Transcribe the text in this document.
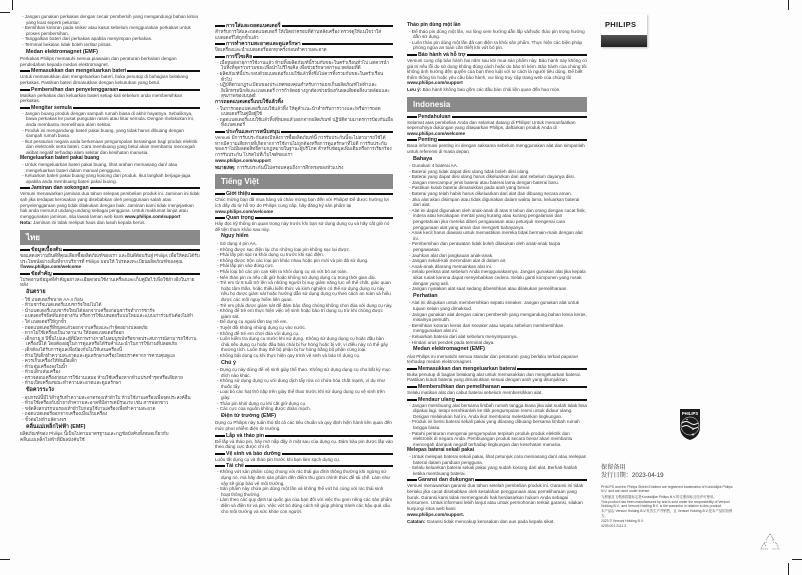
- Jangan gunakan perkakas dengan cecair pembersih yang mengandungi bahan kimia yang kuat seperti peluntur.

- Bersihkan kotoran pada sniker atau kasut sebelum menggunakan perkakas untuk proses pembersihan.

- Tanggalkan bateri dari perkakas apabila menyimpan perkakas.

- Terminal bekalan tidak boleh terlitar pintas.

Medan elektromagnet (EMF)

Perkakas Philips mematuhi semua piawaian dan peraturan berkaitan dengan pendedahan kepada medan elektromagnet.

Memasukkan dan mengeluarkan bateri

Untuk memasukkan dan mengeluarkan bateri, buka penutup di bahagian belakang perkakas. Pastikan bateri dimasukkan dengan kekutuban yang betul.

Pembersihan dan penyelenggaraan

Matikan perkakas dan keluarkan bateri setiap kali sebelum anda membersihkan perkakas.

Mengitar semula

- Jangan buang produk dengan sampah rumah biasa di akhir hayatnya. Sebaliknya, bawa perkakas ke pusat pungutan rasmi atau kitar semula. Dengan melakukan ini, anda membantu memelihara alam sekitar.

- Produk ini mengandungi bateri pakai buang, yang tidak harus dibuang dengan sampah rumah biasa.

- Ikut peraturan negara anda berkenaan pengumpulan berasingan bagi produk elektrik dan elektronik serta bateri. Cara membuang yang betul akan membantu mencegah akibat negatif terhadap alam sekitar dan kesihatan manusia.

Mengeluarkan bateri pakai buang

- Untuk mengeluarkan bateri pakai buang, lihat arahan memasang dan/ atau mengeluarkan bateri dalam manual pengguna.

- Keluarkan bateri pakai buang yang kosong dari produk. Ikut langkah berjaga-jaga apabila anda membuang bateri pakai buang.

Jaminan dan sokongan

Versuni menawarkan jaminan dua tahun selepas pembelian produk ini. Jaminan ini tidak sah jika terdapat kerosakan yang disebabkan oleh penggunaan salah atau penyelenggaraan yang tidak dilakukan dengan baik. Jaminan kami tidak menjejaskan hak anda menurut undang-undang sebagai pengguna. Untuk maklumat lanjut atau menggunakan jaminan, sila lawati laman web kami www.philips.com/support

Nota: Jaminan ini tidak meliputi haus dan lusuh kepala berus.

ไทย
ข้อมูลเบื้องต้น

ขอแสดงความยินดีที่คุณเลือกซื้อผลิตภัณฑ์ของเรา และยินดีต้อนรับสู่ Philips เพื่อให้คุณได้รับประโยชน์อย่างเต็มที่จากบริการที่ Philips มอบให้ โปรดลงทะเบียนผลิตภัณฑ์ของคุณที่www.philips.com/welcome

ข้อสำคัญ

โปรดอ่านข้อมูลที่สำคัญอย่างละเอียดก่อนใช้งานเครื่องและเก็บคู่มือไว้เพื่อใช้อ้างอิงในภายหลัง

อันตราย

- ใช้ แบตเตอรี่ขนาด AA 4 ก้อน

- ห้ามชาร์จแบตเตอรี่แบบชาร์จใหม่ไม่ได้

- นำแบตเตอรี่แบบชาร์จใหม่ได้ออกจากเครื่องก่อนชาร์จทำการชาร์จ

- แบตเตอรี่ชนิดที่แตกต่างกัน หรือการใช้แบตเตอรี่แบบใหม่และแบบเก่าร่วมกันต้องไม่ทำ

- ใส่ แบตเตอรี่ให้ถูกขั้ว

- ถอดแบตเตอรี่ที่หมดแล้วออกจากเครื่องและกำจัดอย่างปลอดภัย

- หากไม่ใช้เครื่องเป็นเวลานาน ให้ถอดแบตเตอรี่ออก

- เด็กอายุ 8 ปีขึ้นไปและผู้ที่มีสภาพร่างกายไม่สมบูรณ์หรือขาดประสบการณ์สามารถใช้งานเครื่องนี้ได้ โดยต้องอยู่ในการดูแลหรือได้รับคำแนะนำในการใช้งานที่ปลอดภัย

- เด็กต้องได้รับการดูแลเพื่อป้องกันไม่ให้เล่นเครื่องนี้

- ห้ามให้เด็กทำความสะอาดและดูแลรักษาเครื่องโดยปราศจากการควบคุมดูแล

- ควรเก็บเครื่องให้พ้นมือเด็ก

- ห้ามจุ่มเครื่องลงในน้ำ

- ห้ามเด็กเล่นเครื่อง

- ตรวจสอบเครื่องก่อนการใช้งานเสมอ ห้ามใช้เครื่องหากหัวแปรงชำรุดหรือเสียหาย

- ห้ามเปิดเครื่องขณะทำความสะอาดและดูแลรักษา

ข้อควรระวัง

- อุปกรณ์นี้มีไว้สำหรับทำความสะอาดรองเท้าผ้าใบ ห้ามใช้งานเครื่องเพื่อจุดประสงค์อื่น

- ห้ามใช้เครื่องกับน้ำยาทำความสะอาดที่มีสารเคมีรุนแรง เช่น สารฟอกขาว

- ขจัดสิ่งสกปรกบนรองเท้าผ้าใบก่อนใช้งานเครื่องเพื่อทำความสะอาด

- ถอดแบตเตอรี่ออกจากเครื่องเมื่อเก็บเครื่อง

- ขั้วต่อไฟห้ามลัดวงจร

คลื่นแม่เหล็กไฟฟ้า (EMF)

ผลิตภัณฑ์ของ Philips นี้เป็นไปตามมาตรฐานและกฎข้อบังคับทั้งหมดเกี่ยวกับคลื่นแม่เหล็กไฟฟ้าที่มีผลบังคับใช้

การใส่และถอดแบตเตอรี่

สำหรับการใส่และถอดแบตเตอรี่ ให้เปิดฝาครอบที่ด้านหลังเครื่อง ตรวจดูให้แน่ใจว่าใส่แบตเตอรี่ได้ถูกขั้วแล้ว

การทำความสะอาดและดูแลรักษา

ปิดเครื่องและนำแบตเตอรี่ออกทุกครั้งก่อนทำความสะอาด

การรีไซเคิล

- เมื่อหมดอายุการใช้งานแล้ว ห้ามทิ้งผลิตภัณฑ์นี้รวมกับขยะในครัวเรือนทั่วไป แต่ควรนำไปทิ้งที่จุดรวบรวมขยะเพื่อนำไปรีไซเคิล เพื่อช่วยรักษาสภาพแวดล้อมที่ดี

- ผลิตภัณฑ์นี้ประกอบด้วยแบตเตอรี่แบบใช้แล้วทิ้งซึ่งไม่ควรทิ้งรวมกับขยะในครัวเรือนทั่วไป

- ปฏิบัติตามกฎระเบียบของประเทศของคุณสำหรับการแยกเก็บผลิตภัณฑ์ไฟฟ้าและอิเล็กทรอนิกส์และแบตเตอรี่ การกำจัดอย่างถูกต้องช่วยป้องกันผลเสียต่อสิ่งแวดล้อมและสุขภาพของมนุษย์

การถอดแบตเตอรี่แบบใช้แล้วทิ้ง

- ในการถอดแบตเตอรี่แบบใช้แล้วทิ้ง ให้ดูคำแนะนำสำหรับการวางและ/หรือการถอดแบตเตอรี่ในคู่มือผู้ใช้

- ถอดแบตเตอรี่แบบใช้แล้วทิ้งที่หมดแล้วออกจากผลิตภัณฑ์ ปฏิบัติตามมาตรการป้องกันเมื่อทิ้งแบตเตอรี่

ประกันและการสนับสนุน

Versuni มีการรับประกันสองปีหลังการซื้อผลิตภัณฑ์นี้ การรับประกันนี้จะไม่สามารถใช้ได้หากมีความเสียหายที่เกิดจากการใช้งานไม่ถูกต้องหรือการดูแลรักษาที่ไม่ดี การรับประกันของเราไม่มีผลต่อสิทธิ์ตามกฎหมายในฐานะผู้บริโภค สำหรับข้อมูลเพิ่มเติมหรือการเรียกร้องการรับประกัน โปรดไปที่เว็บไซต์ของเรา

www.philips.com/support

หมายเหตุ: การรับประกันนี้ไม่ครอบคลุมถึงการสึกหรอของหัวแปรง

Tiếng Việt
Giới thiệu

Chúc mừng bạn đã mua hàng và chào mừng bạn đến với Philips! Để được hưởng lợi ích đầy đủ từ hỗ trợ do Philips cung cấp, hãy đăng ký sản phẩm tại www.philips.com/welcome

Quan trọng

Hãy đọc kỹ thông tin quan trọng này trước khi bạn sử dụng dụng cụ và hãy cất giữ nó để tiện tham khảo sau này.

Nguy hiểm

- Sử dụng 4 pin AA.

- Không được sạc điện lại cho những loại pin không sạc lại được.

- Phải lấy pin sạc ra khỏi dụng cụ trước khi sạc điện.

- Không được trộn các loại pin khác nhau hoặc pin mới và pin đã sử dụng.

- Phải lắp pin vào đúng cực.

- Phải loại bỏ các pin cạn kiệt ra khỏi dụng cụ và vứt bỏ an toàn.

- Nên tháo pin ra nếu cất giữ hoặc không sử dụng dụng cụ trong thời gian dài.

- Trẻ em từ 8 tuổi trở lên và những người bị suy giảm năng lực về thể chất, giác quan hoặc tâm thần, hoặc thiếu kiến thức và kinh nghiệm có thể sử dụng dụng cụ này nếu họ được giám sát hoặc hướng dẫn sử dụng dụng cụ theo cách an toàn và hiểu được các mối nguy hiểm liên quan.

- Trẻ em phải được giám sát để đảm bảo rằng chúng không chơi đùa với dụng cụ này.

- Không để trẻ em thực hiện việc vệ sinh hoặc bảo trì dụng cụ trừ khi chúng được giám sát.

- Để dụng cụ ngoài tầm tay trẻ em.

- Tuyệt đối không nhúng dụng cụ vào nước.

- Không để trẻ em chơi đùa với dụng cụ.

- Luôn kiểm tra dụng cụ trước khi sử dụng. Không sử dụng dụng cụ hoặc đầu bàn chải nếu dụng cụ hoặc đầu bàn chải bị hư hỏng hoặc bị vỡ, vì điều này có thể gây thương tích. Luôn thay thế bộ phận bị hư hỏng bằng bộ phận cùng loại.

- Không bật dụng cụ khi thực hiện quy trình vệ sinh và bảo trì dụng cụ.

Chú ý

- Dụng cụ này dùng để vệ sinh giày thể thao. Không sử dụng dụng cụ cho bất kỳ mục đích nào khác.

- Không sử dụng dụng cụ với dung dịch tẩy rửa có chứa hóa chất mạnh, ví dụ như thuốc tẩy.

- Loại bỏ các hạt thô nặp trên giày thể thao trước khi sử dụng dụng cụ vệ sinh trên giày.

- Tháo pin khỏi dụng cụ khi cất giữ dụng cụ.

- Các cực của nguồn không được đoản mạch.

Điện từ trường (EMF)

Dụng cụ Philips này tuân thủ tất cả các tiêu chuẩn và quy định hiện hành liên quan đến mức phơi nhiễm điện từ trường.

Lắp và tháo pin

Để lắp và tháo pin, hãy mở nắp đậy ở mặt sau của dụng cụ. Đảm bảo pin được lắp vào theo đúng cực được chỉ rõ.

Vệ sinh và bảo dưỡng

Luôn tắt dụng cụ và tháo pin trước khi bạn làm sạch dụng cụ.

Tái chế

- Không vứt sản phẩm cùng chung với rác thải gia đình thông thường khi ngừng sử dụng nó, mà hãy đem sản phẩm đến điểm thu gom chính thức để tái chế. Làm như vậy sẽ giúp bảo vệ môi trường.

- Sản phẩm này chứa pin dùng một lần và không thể vứt bỏ cùng với rác thải sinh hoạt thông thường.

- Làm theo các quy định tại quốc gia của bạn đối với việc thu gom riêng các sản phẩm điện và điện tử và pin. Việc vứt bỏ đúng cách sẽ giúp phòng tránh các hậu quả xấu cho môi trường và sức khỏe con người.

Tháo pin dùng một lần

- Để tháo pin dùng một lần, vui lòng xem hướng dẫn lắp và/hoặc tháo pin trong hướng dẫn sử dụng.

- Luôn tháo pin dùng một lần đã cạn điện ra khỏi sản phẩm. Thực hiện các biện pháp phòng ngừa an toàn cần thiết khi vứt bỏ pin.

Bảo hành và hỗ trợ

Versuni cung cấp bảo hành hai năm sau khi mua sản phẩm này. Bảo hành này không có giá trị nếu lỗi do sử dụng không đúng cách hoặc do bảo trì kém. Bảo hành của chúng tôi không ảnh hưởng đến quyền của bạn theo luật với tư cách là người tiêu dùng. Để biết thêm thông tin hoặc yêu cầu bảo hành, vui lòng truy cập trang web của chúng tôi www.philips.com/support

Lưu ý: Bảo hành không bao gồm các đầu bàn chải liên quan đến hao mòn.

Indonesia
Pendahuluan

Selamat atas pembelian Anda dan selamat datang di Philips! Untuk memanfaatkan sepenuhnya dukungan yang ditawarkan Philips, daftarkan produk Anda di www.philips.com/welcome

Penting

Baca informasi penting ini dengan saksama sebelum menggunakan alat dan simpanlah untuk referensi di masa depan.

Bahaya

- Gunakan 4 baterai AA.

- Baterai yang tidak dapat diisi ulang tidak boleh diisi ulang.

- Baterai yang dapat diisi ulang harus dikeluarkan dari alat sebelum dayanya diisi.

- Jangan mencampur jenis baterai atau baterai lama dengan baterai baru.

- Pastikan kutub baterai dimasukkan pada arah yang benar.

- Baterai yang telah habis harus dikeluarkan dari alat dan dibuang secara aman.

- Jika alat akan disimpan atau tidak digunakan dalam waktu lama, keluarkan baterai dari alat.

- Alat ini dapat digunakan oleh anak-anak di atas 8 tahun dan orang dengan cacat fisik, indera atau kecakapan mental yang kurang atau kurang pengalaman dan pengetahuan jika mereka diberi pengawasan atau petunjuk mengenai cara penggunaan alat yang aman dan mengerti bahayanya.

- Anak kecil harus diawasi untuk memastikan mereka tidak bermain-main dengan alat ini.

- Pembersihan dan perawatan tidak boleh dilakukan oleh anak-anak tanpa pengawasan.

- Jauhkan alat dari jangkauan anak-anak.

- Jangan sekali-kali merendam alat di dalam air.

- Anak-anak dilarang memainkan alat ini.

- Selalu periksa alat sebelum Anda menggunakannya. Jangan gunakan alat jika kepala sikat rusak karena dapat menyebabkan cedera. Selalu ganti komponen yang rusak dengan yang asli.

- Jangan nyalakan alat saat sedang dibersihkan atau dilakukan pemeliharaan.

Perhatian

- Alat ini ditujukan untuk membersihkan sepatu sneaker. Jangan gunakan alat untuk tujuan selain yang dimaksud.

- Jangan gunakan alat dengan cairan pembersih yang mengandung bahan kimia keras, misalnya pemutih.

- Bersihkan kotoran keras dari sneaker atau sepatu sebelum membersihkan menggunakan alat ini.

- Keluarkan baterai dari alat sebelum menyimpannya.

- Hindari arus pendek pada terminal daya.

Medan elektromagnet (EMF)

Alat Philips ini mematuhi semua standar dan peraturan yang berlaku terkait paparan terhadap medan elektromagnet.

Memasukkan dan mengeluarkan baterai

Buka penutup di bagian belakang alat untuk memasukkan dan mengeluarkan baterai. Pastikan kutub baterai yang dimasukkan sesuai dengan arah yang ditunjukkan.

Membersihkan dan pemeliharaan

Selalu matikan alat dan cabut baterai sebelum membersihkan alat.

Mendaur ulang

- Jangan membuang alat bersama limbah rumah tangga biasa jika alat sudah tidak bisa dipakai lagi, tetapi serahkanlah ke titik pengumpulan resmi untuk didaur ulang. Dengan melakukan hal ini, Anda ikut membantu melestarikan lingkungan.

- Produk ini berisi baterai sekali pakai yang dilarang dibuang bersama limbah rumah tangga biasa.

- Patuhi peraturan mengenai pengumpulan terpisah produk-produk elektrik dan elektronik di negara Anda. Pembuangan produk secara benar akan membantu mencegah dampak negatif terhadap lingkungan dan kesehatan manusia.

Melepas baterai sekali pakai

- Untuk melepas baterai sekali pakai, lihat petunjuk cara memasang dan/ atau melepas baterai dalam panduan pengguna.

- Selalu keluarkan baterai sekali pakai yang sudah kosong dari alat. Berhati-hatilah ketika membuang baterai.

Garansi dan dukungan

Versuni menawarkan garansi dua tahun setelah pembelian produk ini. Garansi ini tidak berlaku jika cacat disebabkan oleh kesalahan penggunaan atau pemeliharaan yang buruk. Garansi kami tidak memengaruhi hak berdasarkan hukum Anda sebagai konsumen. Untuk informasi lebih lanjut atau untuk permohonan terkait garansi, silakan kunjungi situs web kami

www.philips.com/support.

Catatan: Garansi tidak mencakup kerusakan dan aus pada kepala sikat.

PHILIPS
PHILIPS
保留备用
发行日期：2023-04-19

PHILIPS and the Philips Shield Emblem are registered trademarks of Koninklijke Philips N.V. and are used under license.

飞利浦及飞利浦盾徽标志是Koninklijke Philips N.V.的注册商标且经许可使用。

This product has been manufactured by and is sold under the responsibility of Versuni Holding B.V., and Versuni Holding B.V. is the warrantor in relation to this product.

本产品由 Versuni Holding B.V.负责生产并销售，且 Versuni Holding B.V.是本产品的担保方。

2023 © Versuni Holding B.V.

4239.001.2111.3
